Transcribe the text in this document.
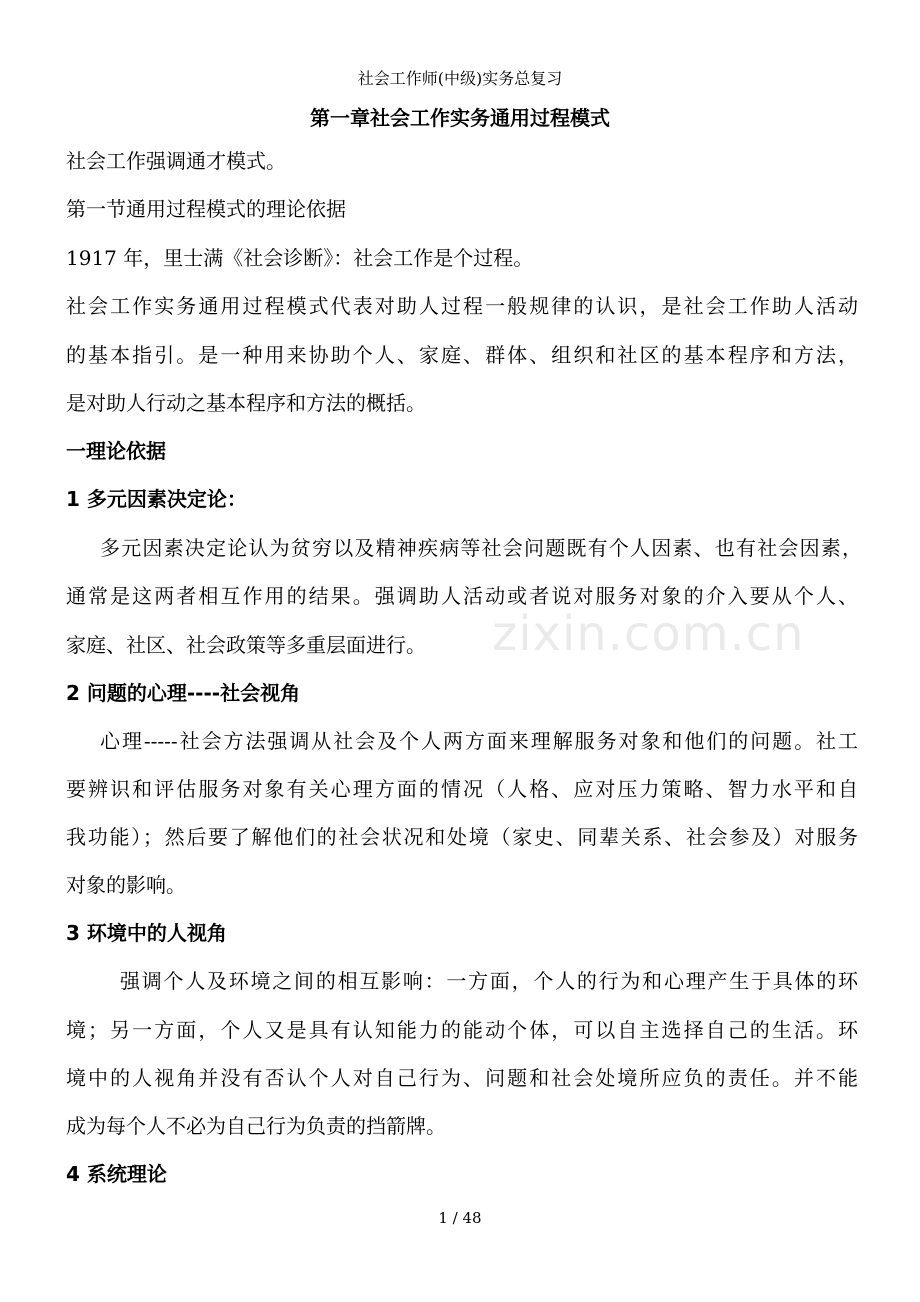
社会工作师(中级)实务总复习
第一章社会工作实务通用过程模式
社会工作强调通才模式。
第一节通用过程模式的理论依据
1917 年，里士满《社会诊断》：社会工作是个过程。
社会工作实务通用过程模式代表对助人过程一般规律的认识，是社会工作助人活动
的基本指引。是一种用来协助个人、家庭、群体、组织和社区的基本程序和方法，
是对助人行动之基本程序和方法的概括。
一理论依据
1 多元因素决定论：
多元因素决定论认为贫穷以及精神疾病等社会问题既有个人因素、也有社会因素，
通常是这两者相互作用的结果。强调助人活动或者说对服务对象的介入要从个人、
家庭、社区、社会政策等多重层面进行。
2 问题的心理----社会视角
心理-----社会方法强调从社会及个人两方面来理解服务对象和他们的问题。社工
要辨识和评估服务对象有关心理方面的情况（人格、应对压力策略、智力水平和自
我功能）；然后要了解他们的社会状况和处境（家史、同辈关系、社会参及）对服务
对象的影响。
3 环境中的人视角
强调个人及环境之间的相互影响：一方面，个人的行为和心理产生于具体的环
境；另一方面，个人又是具有认知能力的能动个体，可以自主选择自己的生活。环
境中的人视角并没有否认个人对自己行为、问题和社会处境所应负的责任。并不能
成为每个人不必为自己行为负责的挡箭牌。
4 系统理论
zixin.com.cn
1 / 48
